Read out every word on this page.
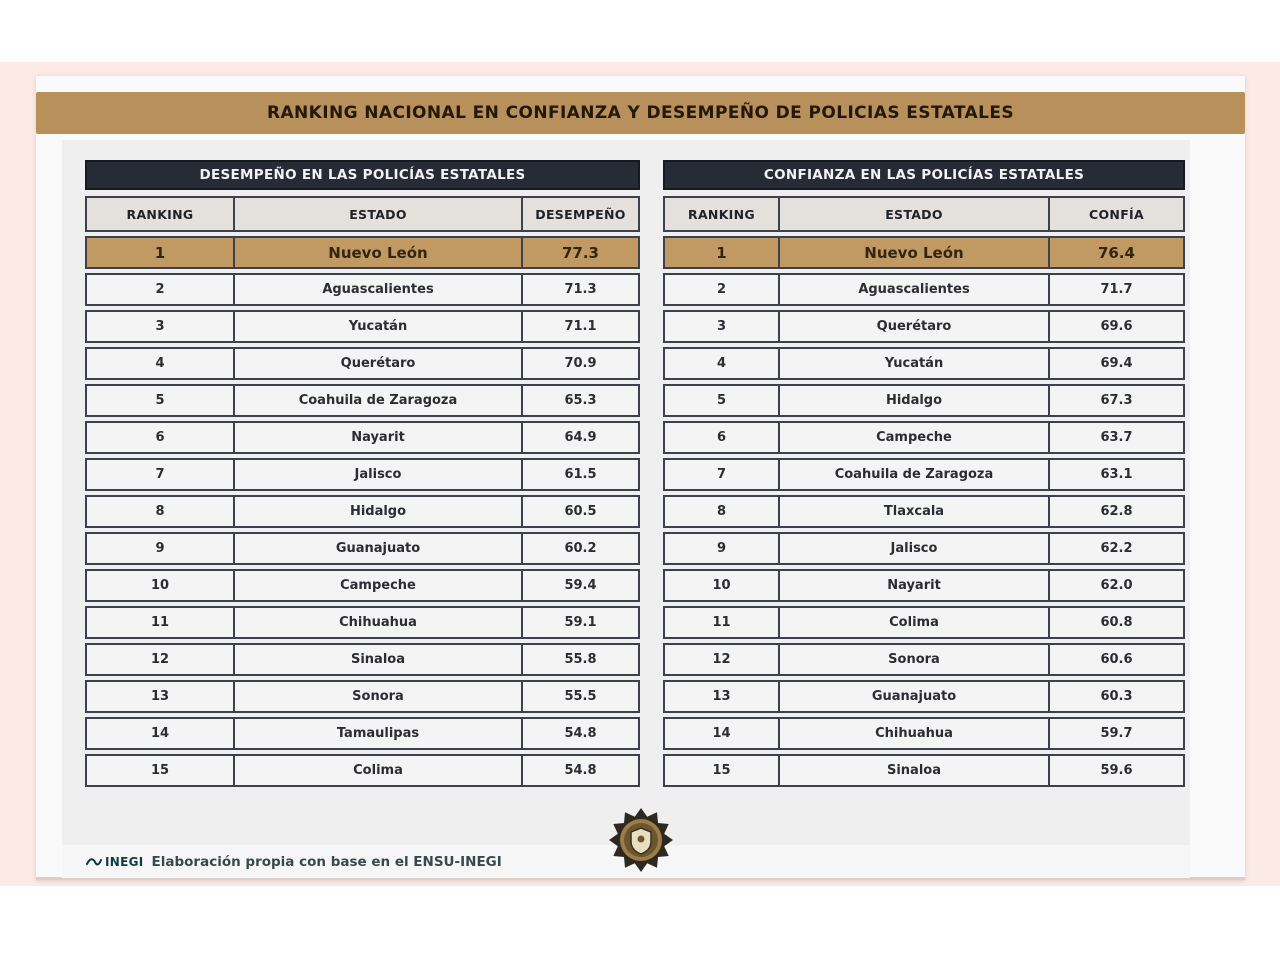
RANKING NACIONAL EN CONFIANZA Y DESEMPEÑO DE POLICIAS ESTATALES
DESEMPEÑO EN LAS POLICÍAS ESTATALES
RANKING	ESTADO	DESEMPEÑO
1	Nuevo León	77.3
2	Aguascalientes	71.3
3	Yucatán	71.1
4	Querétaro	70.9
5	Coahuila de Zaragoza	65.3
6	Nayarit	64.9
7	Jalisco	61.5
8	Hidalgo	60.5
9	Guanajuato	60.2
10	Campeche	59.4
11	Chihuahua	59.1
12	Sinaloa	55.8
13	Sonora	55.5
14	Tamaulipas	54.8
15	Colima	54.8
CONFIANZA EN LAS POLICÍAS ESTATALES
RANKING	ESTADO	CONFÍA
1	Nuevo León	76.4
2	Aguascalientes	71.7
3	Querétaro	69.6
4	Yucatán	69.4
5	Hidalgo	67.3
6	Campeche	63.7
7	Coahuila de Zaragoza	63.1
8	Tlaxcala	62.8
9	Jalisco	62.2
10	Nayarit	62.0
11	Colima	60.8
12	Sonora	60.6
13	Guanajuato	60.3
14	Chihuahua	59.7
15	Sinaloa	59.6
INEGI Elaboración propia con base en el ENSU-INEGI
